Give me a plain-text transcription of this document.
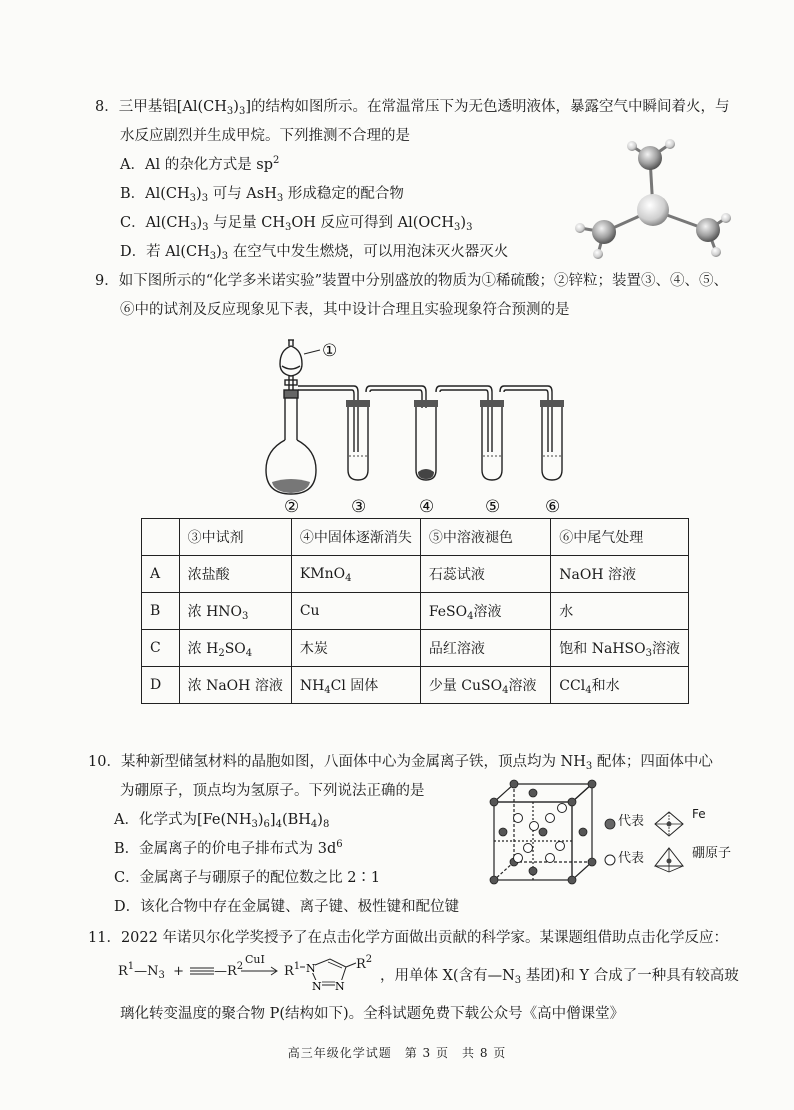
8．三甲基铝$[Al(CH_3)_3]$的结构如图所示。在常温常压下为无色透明液体，暴露空气中瞬间着火，与
水反应剧烈并生成甲烷。下列推测不合理的是
A．Al 的杂化方式是 $sp^2$
B．$Al(CH_3)_3$ 可与 AsH$_3$ 形成稳定的配合物
C．$Al(CH_3)_3$ 与足量 $CH_3OH$ 反应可得到 $Al(OCH_3)_3$
D．若 $Al(CH_3)_3$ 在空气中发生燃烧，可以用泡沫灭火器灭火
9．如下图所示的“化学多米诺实验”装置中分别盛放的物质为①稀硫酸；②锌粒；装置③、④、⑤、
⑥中的试剂及反应现象见下表，其中设计合理且实验现象符合预测的是
①
②	③	④	⑤	⑥
	③中试剂	④中固体逐渐消失	⑤中溶液褪色	⑥中尾气处理
A	浓盐酸	KMnO$_4$	石蕊试液	NaOH 溶液
B	浓 $HNO_3$	Cu	FeSO$_4$溶液	水
C	浓 $H_2SO_4$	木炭	品红溶液	饱和 NaHSO$_3$溶液
D	浓 NaOH 溶液	$NH_4Cl$ 固体	少量 CuSO$_4$溶液	CCl$_4$和水
10．某种新型储氢材料的晶胞如图，八面体中心为金属离子铁，顶点均为 $NH_3$ 配体；四面体中心
为硼原子，顶点均为氢原子。下列说法正确的是
A．化学式为$[Fe(NH_3)_6]_4(BH_4)_8$
B．金属离子的价电子排布式为 $3d^6$
C．金属离子与硼原子的配位数之比 2∶1
D．该化合物中存在金属键、离子键、极性键和配位键
代表	Fe
代表	硼原子
11．2022 年诺贝尔化学奖授予了在点击化学方面做出贡献的科学家。某课题组借助点击化学反应：
$R^1—N_3$ + $—R^2$
CuI
→ $R^1$ N
N N
$R^2$
，用单体 X(含有$—N_3$ 基团)和 Y 合成了一种具有较高玻
璃化转变温度的聚合物 P(结构如下)。全科试题免费下载公众号《高中僧课堂》
高三年级化学试题　第 3 页　共 8 页
